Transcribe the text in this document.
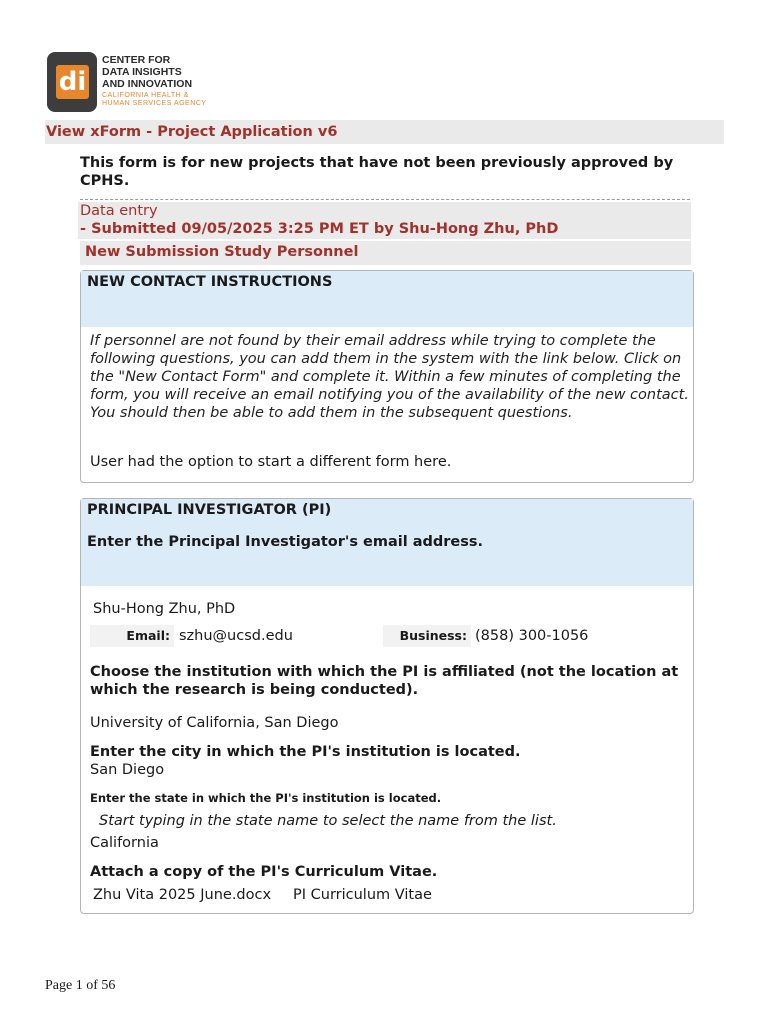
di
CENTER FOR
DATA INSIGHTS
AND INNOVATION
CALIFORNIA HEALTH &
HUMAN SERVICES AGENCY
View xForm - Project Application v6
This form is for new projects that have not been previously approved by CPHS.
Data entry
- Submitted 09/05/2025 3:25 PM ET by Shu-Hong Zhu, PhD
New Submission Study Personnel
NEW CONTACT INSTRUCTIONS
If personnel are not found by their email address while trying to complete the following questions, you can add them in the system with the link below. Click on the "New Contact Form" and complete it. Within a few minutes of completing the form, you will receive an email notifying you of the availability of the new contact. You should then be able to add them in the subsequent questions.
User had the option to start a different form here.
PRINCIPAL INVESTIGATOR (PI)
Enter the Principal Investigator's email address.
Shu-Hong Zhu, PhD
Email: szhu@ucsd.edu	Business: (858) 300-1056
Choose the institution with which the PI is affiliated (not the location at which the research is being conducted).
University of California, San Diego
Enter the city in which the PI's institution is located.
San Diego
Enter the state in which the PI's institution is located.
Start typing in the state name to select the name from the list.
California
Attach a copy of the PI's Curriculum Vitae.
Zhu Vita 2025 June.docx PI Curriculum Vitae
Page 1 of 56
